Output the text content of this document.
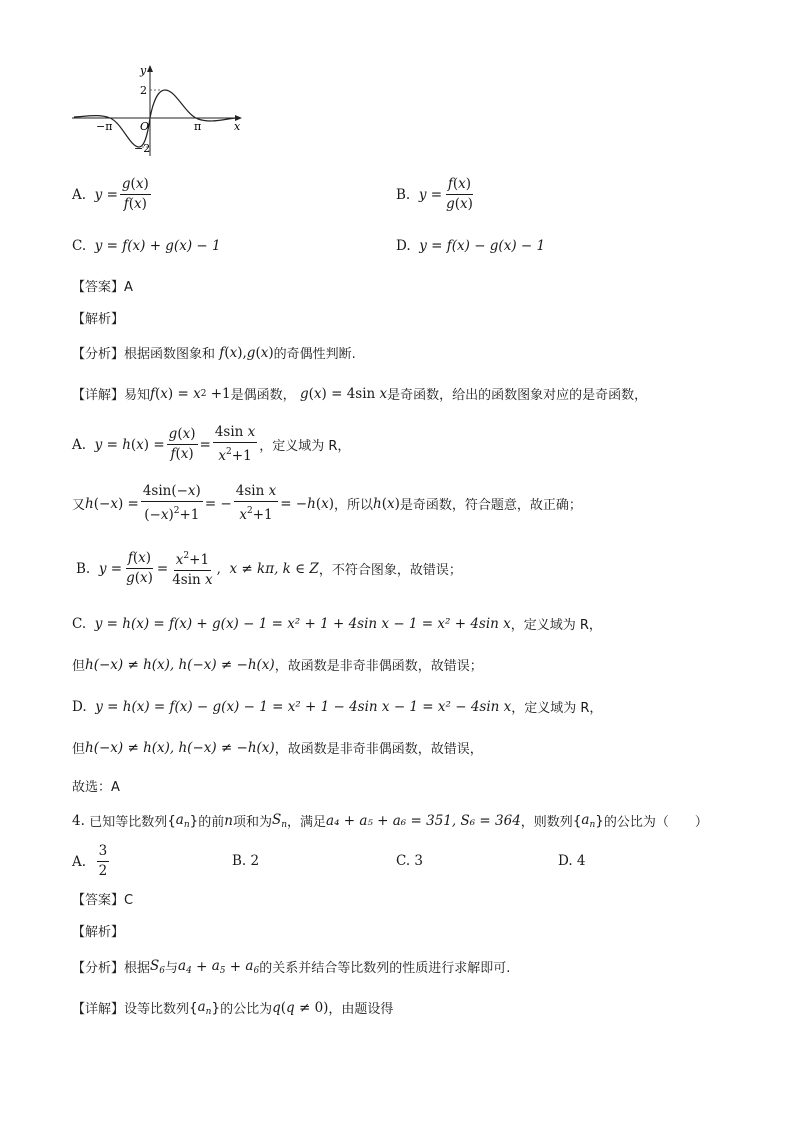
y
x
2
−2
−π	π
O
A.
$y = \frac{g(x)}{f(x)}$	B.
$y = \frac{f(x)}{g(x)}$
C.
y = f(x) + g(x) − 1	D.
y = f(x) − g(x) − 1
【答案】A
【解析】
【分析】根据函数图象和 f ( x ), g ( x ) 的奇偶性判断.
【详解】易知 f ( x ) = x 2 +1 是偶函数，
g ( x ) = 4sin x 是奇函数，给出的函数图象对应的是奇函数，
A.
y = h ( x ) = $\frac{g(x)}{f(x)} = \frac{\text{4sin x}}{x^2+1}$ ，定义域为 R，
又 h (− x ) = $\frac{4\sin(-x)}{(-x)^2+1}$ = − $\frac{\text{4sin x}}{x^2+1}$ = − h ( x ) ，所以 h ( x ) 是奇函数，符合题意，故正确；
B.
$y = \frac{f(x)}{g(x)} = \frac{x^2+1}{\text{4sin x}}$ , x ≠ kπ, k ∈ Z ，不符合图象，故错误；
C.
y = h(x) = f(x) + g(x) − 1 = x² + 1 + 4sin x − 1 = x² + 4sin x ，定义域为 R，
但 h(−x) ≠ h(x), h(−x) ≠ −h(x) ，故函数是非奇非偶函数，故错误；
D.
y = h(x) = f(x) − g(x) − 1 = x² + 1 − 4sin x − 1 = x² − 4sin x ，定义域为 R，
但 h(−x) ≠ h(x), h(−x) ≠ −h(x) ，故函数是非奇非偶函数，故错误，
故选：A
4.
已知等比数列 { $a_n$ } 的前 n 项和为 $S_n$ ，满足 a₄ + a₅ + a₆ = 351, S₆ = 364 ，则数列 { $a_n$ } 的公比为（　　）
A.
$\frac{3}{2}$	B. 2	C. 3	D. 4
【答案】C
【解析】
【分析】根据 $S_6$ 与 $a_4 + a_5 + a_6$ 的关系并结合等比数列的性质进行求解即可.
【详解】设等比数列 { $a_n$ } 的公比为 q ( q ≠ 0) ，由题设得
